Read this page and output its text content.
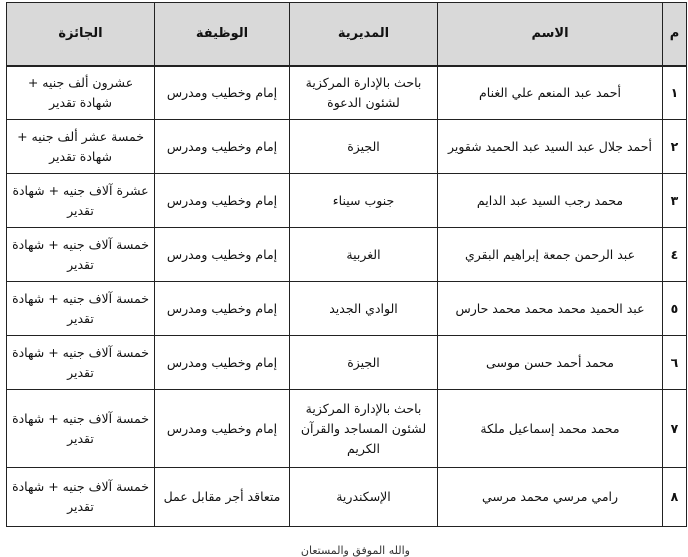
م	الاسم	المديرية	الوظيفة	الجائزة
١	أحمد عبد المنعم علي الغنام	باحث بالإدارة المركزية لشئون الدعوة	إمام وخطيب ومدرس	عشرون ألف جنيه + شهادة تقدير
٢	أحمد جلال عبد السيد عبد الحميد شقوير	الجيزة	إمام وخطيب ومدرس	خمسة عشر ألف جنيه + شهادة تقدير
٣	محمد رجب السيد عبد الدايم	جنوب سيناء	إمام وخطيب ومدرس	عشرة آلاف جنيه + شهادة تقدير
٤	عبد الرحمن جمعة إبراهيم البقري	الغربية	إمام وخطيب ومدرس	خمسة آلاف جنيه + شهادة تقدير
٥	عبد الحميد محمد محمد محمد حارس	الوادي الجديد	إمام وخطيب ومدرس	خمسة آلاف جنيه + شهادة تقدير
٦	محمد أحمد حسن موسى	الجيزة	إمام وخطيب ومدرس	خمسة آلاف جنيه + شهادة تقدير
٧	محمد محمد إسماعيل ملكة	باحث بالإدارة المركزية لشئون المساجد والقرآن الكريم	إمام وخطيب ومدرس	خمسة آلاف جنيه + شهادة تقدير
٨	رامي مرسي محمد مرسي	الإسكندرية	متعاقد أجر مقابل عمل	خمسة آلاف جنيه + شهادة تقدير
والله الموفق والمستعان
